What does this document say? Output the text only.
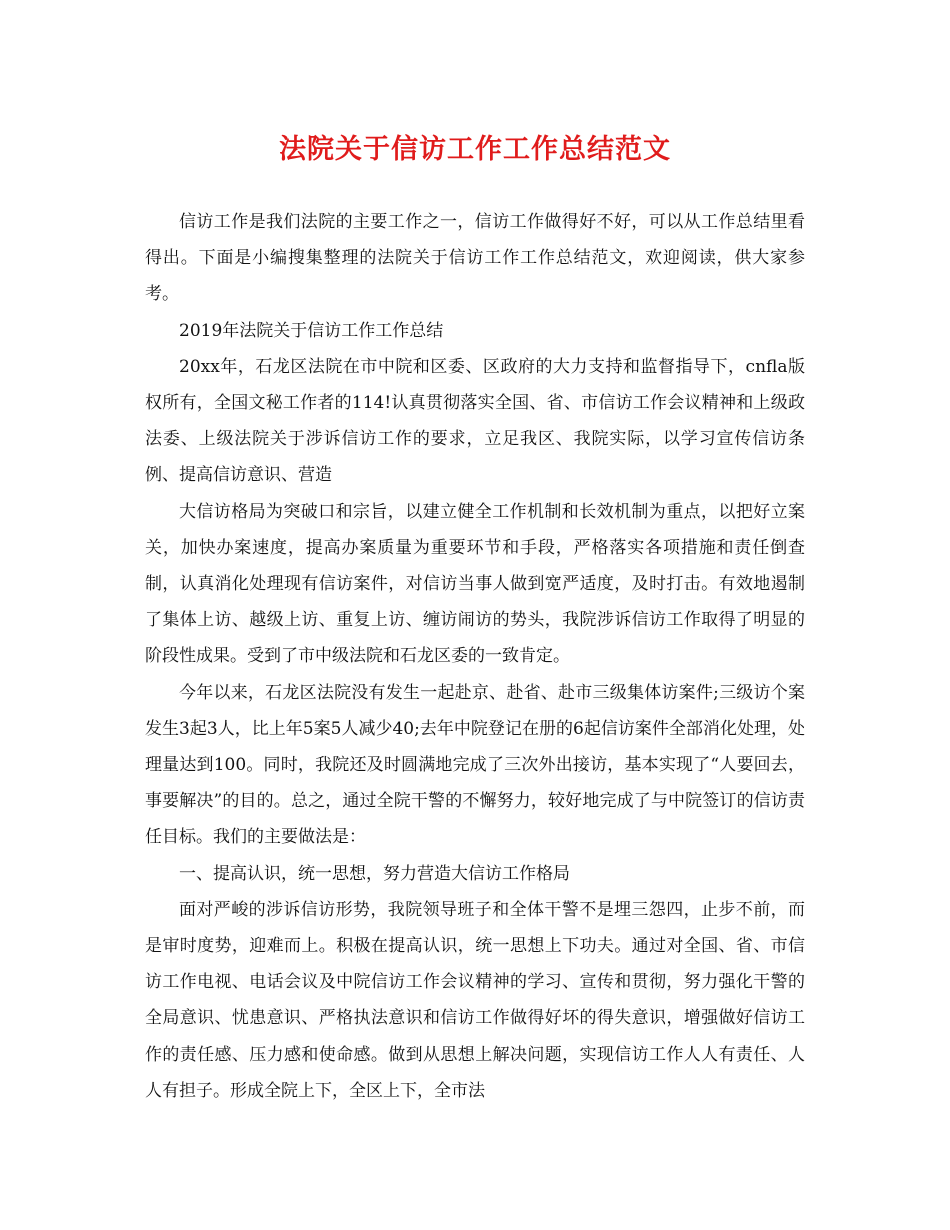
法院关于信访工作工作总结范文

信访工作是我们法院的主要工作之一，信访工作做得好不好，可以从工作总结里看得出。下面是小编搜集整理的法院关于信访工作工作总结范文，欢迎阅读，供大家参考。

2019年法院关于信访工作工作总结

20xx年，石龙区法院在市中院和区委、区政府的大力支持和监督指导下，cnfla版权所有，全国文秘工作者的114!认真贯彻落实全国、省、市信访工作会议精神和上级政法委、上级法院关于涉诉信访工作的要求，立足我区、我院实际，以学习宣传信访条例、提高信访意识、营造

大信访格局为突破口和宗旨，以建立健全工作机制和长效机制为重点，以把好立案关，加快办案速度，提高办案质量为重要环节和手段，严格落实各项措施和责任倒查制，认真消化处理现有信访案件，对信访当事人做到宽严适度，及时打击。有效地遏制了集体上访、越级上访、重复上访、缠访闹访的势头，我院涉诉信访工作取得了明显的阶段性成果。受到了市中级法院和石龙区委的一致肯定。

今年以来，石龙区法院没有发生一起赴京、赴省、赴市三级集体访案件;三级访个案发生3起3人，比上年5案5人减少40;去年中院登记在册的6起信访案件全部消化处理，处理量达到100。同时，我院还及时圆满地完成了三次外出接访，基本实现了“人要回去，事要解决”的目的。总之，通过全院干警的不懈努力，较好地完成了与中院签订的信访责任目标。我们的主要做法是：

一、提高认识，统一思想，努力营造大信访工作格局

面对严峻的涉诉信访形势，我院领导班子和全体干警不是埋三怨四，止步不前，而是审时度势，迎难而上。积极在提高认识，统一思想上下功夫。通过对全国、省、市信访工作电视、电话会议及中院信访工作会议精神的学习、宣传和贯彻，努力强化干警的全局意识、忧患意识、严格执法意识和信访工作做得好坏的得失意识，增强做好信访工作的责任感、压力感和使命感。做到从思想上解决问题，实现信访工作人人有责任、人人有担子。形成全院上下，全区上下，全市法
